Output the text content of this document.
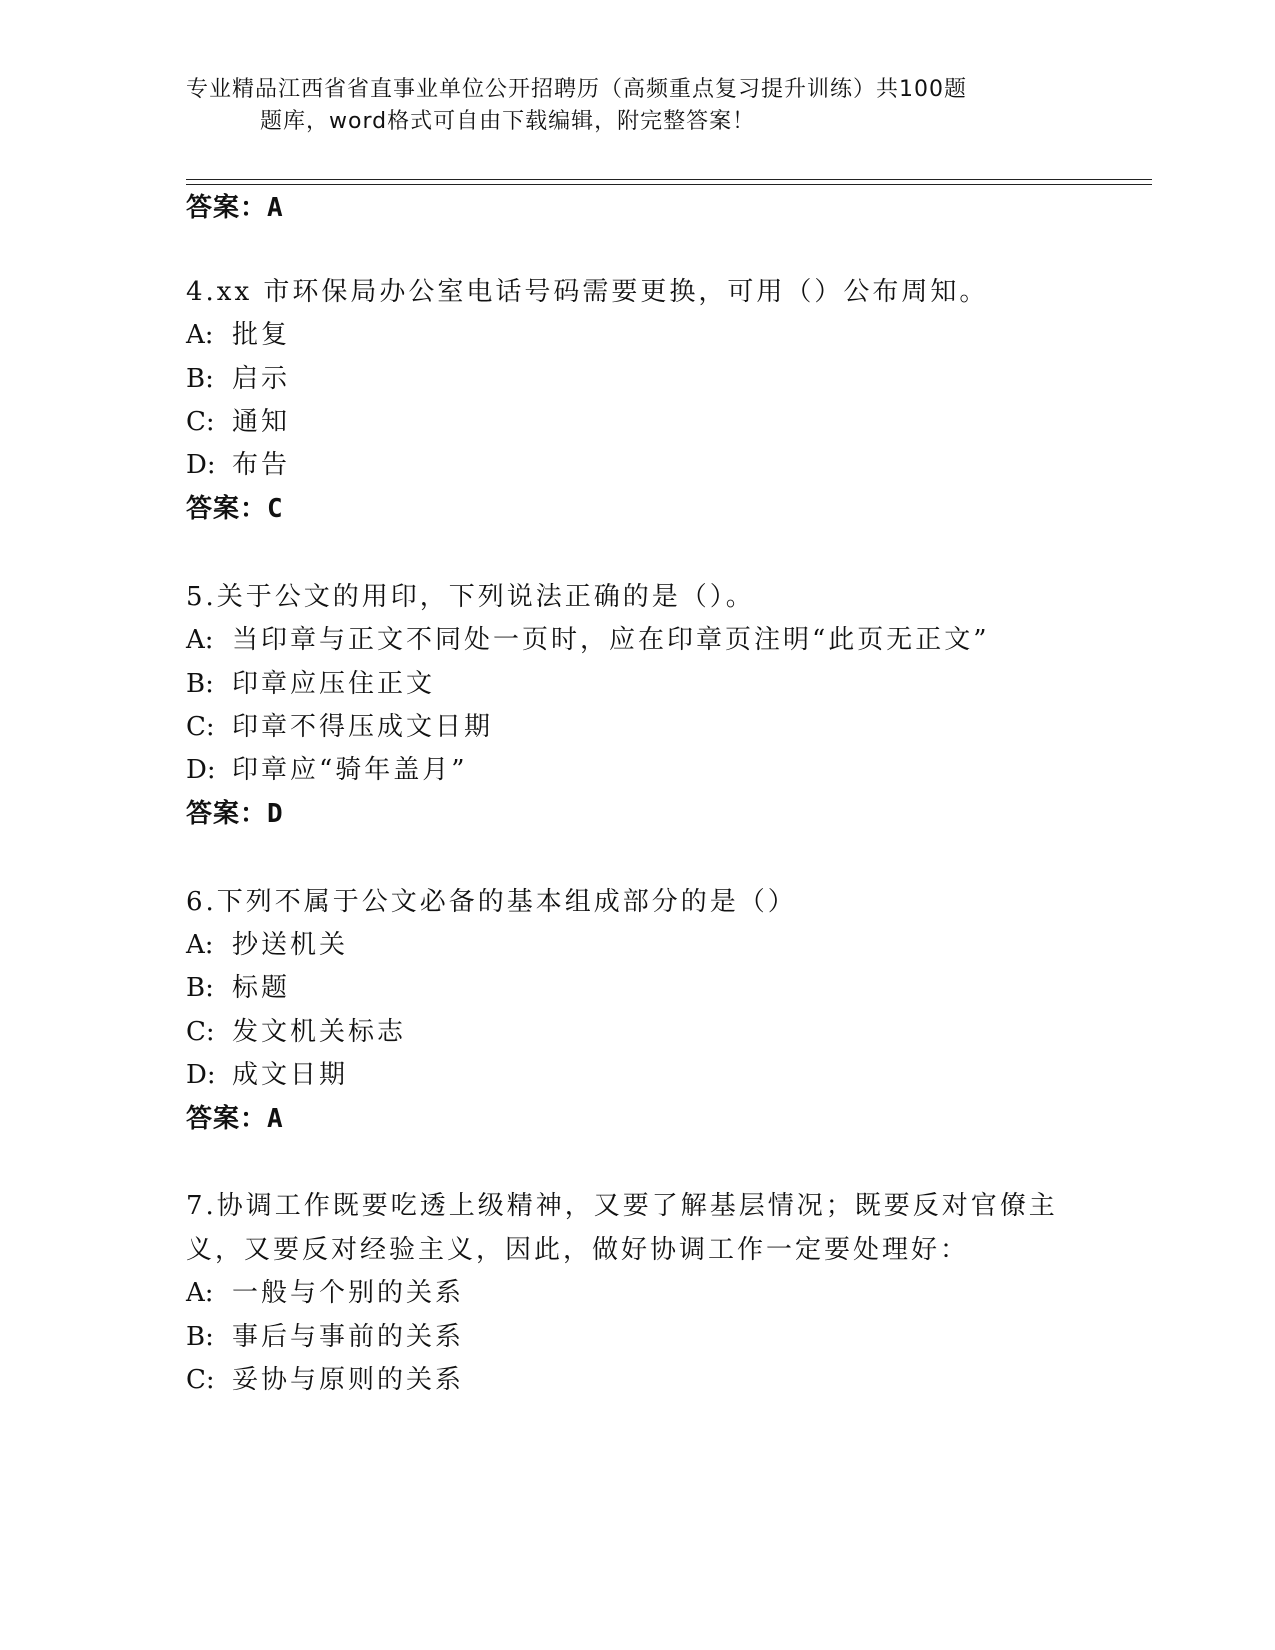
专业精品江西省省直事业单位公开招聘历（高频重点复习提升训练）共100题
题库，word格式可自由下载编辑，附完整答案！
答案：A
4.xx 市环保局办公室电话号码需要更换，可用（）公布周知。
A: 批复
B: 启示
C: 通知
D: 布告
答案：C
5.关于公文的用印，下列说法正确的是（）。
A: 当印章与正文不同处一页时，应在印章页注明“此页无正文”
B: 印章应压住正文
C: 印章不得压成文日期
D: 印章应“骑年盖月”
答案：D
6.下列不属于公文必备的基本组成部分的是（）
A: 抄送机关
B: 标题
C: 发文机关标志
D: 成文日期
答案：A
7.协调工作既要吃透上级精神，又要了解基层情况；既要反对官僚主
义，又要反对经验主义，因此，做好协调工作一定要处理好：
A: 一般与个别的关系
B: 事后与事前的关系
C: 妥协与原则的关系
